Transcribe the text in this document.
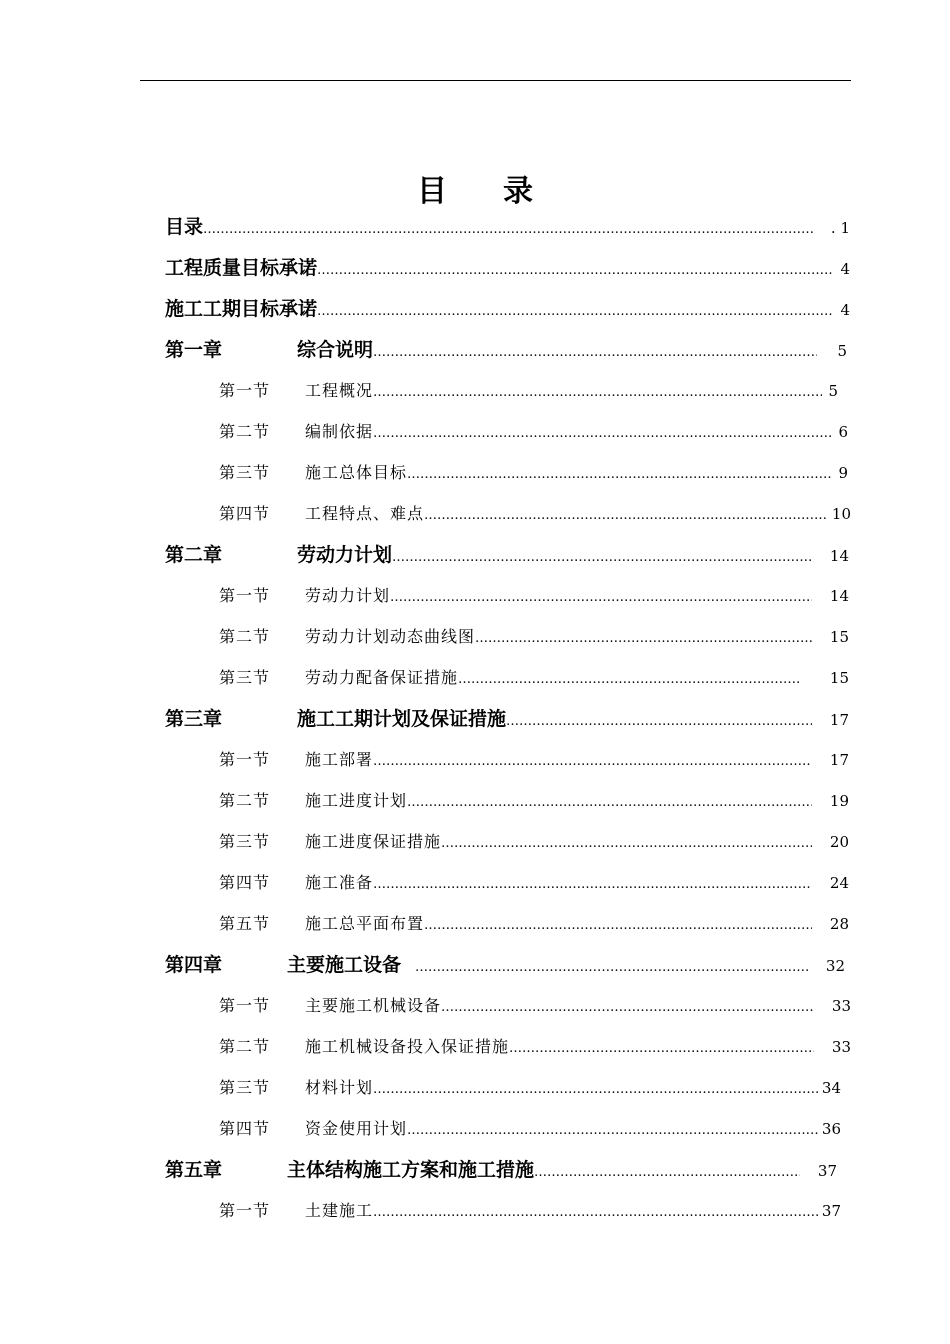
目 录
目录 …………………………………………………………………………………………………………………………………………	. 1
工程质量目标承诺 …………………………………………………………………………………………………………………………………………	4
施工工期目标承诺 …………………………………………………………………………………………………………………………………………	4
第一章	综合说明 …………………………………………………………………………………………………………………………………………	5
第一节	工程概况 …………………………………………………………………………………………………………………………………………	5
第二节	编制依据 …………………………………………………………………………………………………………………………………………	6
第三节	施工总体目标 …………………………………………………………………………………………………………………………………………	9
第四节	工程特点、难点 …………………………………………………………………………………………………………………………………………	10
第二章	劳动力计划 …………………………………………………………………………………………………………………………………………	14
第一节	劳动力计划 …………………………………………………………………………………………………………………………………………	14
第二节	劳动力计划动态曲线图 …………………………………………………………………………………………………………………………………………	15
第三节	劳动力配备保证措施 …………………………………………………………………………………………………………………………………………	15
第三章	施工工期计划及保证措施 …………………………………………………………………………………………………………………………………………	17
第一节	施工部署 …………………………………………………………………………………………………………………………………………	17
第二节	施工进度计划 …………………………………………………………………………………………………………………………………………	19
第三节	施工进度保证措施 …………………………………………………………………………………………………………………………………………	20
第四节	施工准备 …………………………………………………………………………………………………………………………………………	24
第五节	施工总平面布置 …………………………………………………………………………………………………………………………………………	28
第四章	主要施工设备 …………………………………………………………………………………………………………………………………………	32
第一节	主要施工机械设备 …………………………………………………………………………………………………………………………………………	33
第二节	施工机械设备投入保证措施 …………………………………………………………………………………………………………………………………………	33
第三节	材料计划 …………………………………………………………………………………………………………………………………………	34
第四节	资金使用计划 …………………………………………………………………………………………………………………………………………	36
第五章	主体结构施工方案和施工措施 …………………………………………………………………………………………………………………………………………	37
第一节	土建施工 …………………………………………………………………………………………………………………………………………	37
